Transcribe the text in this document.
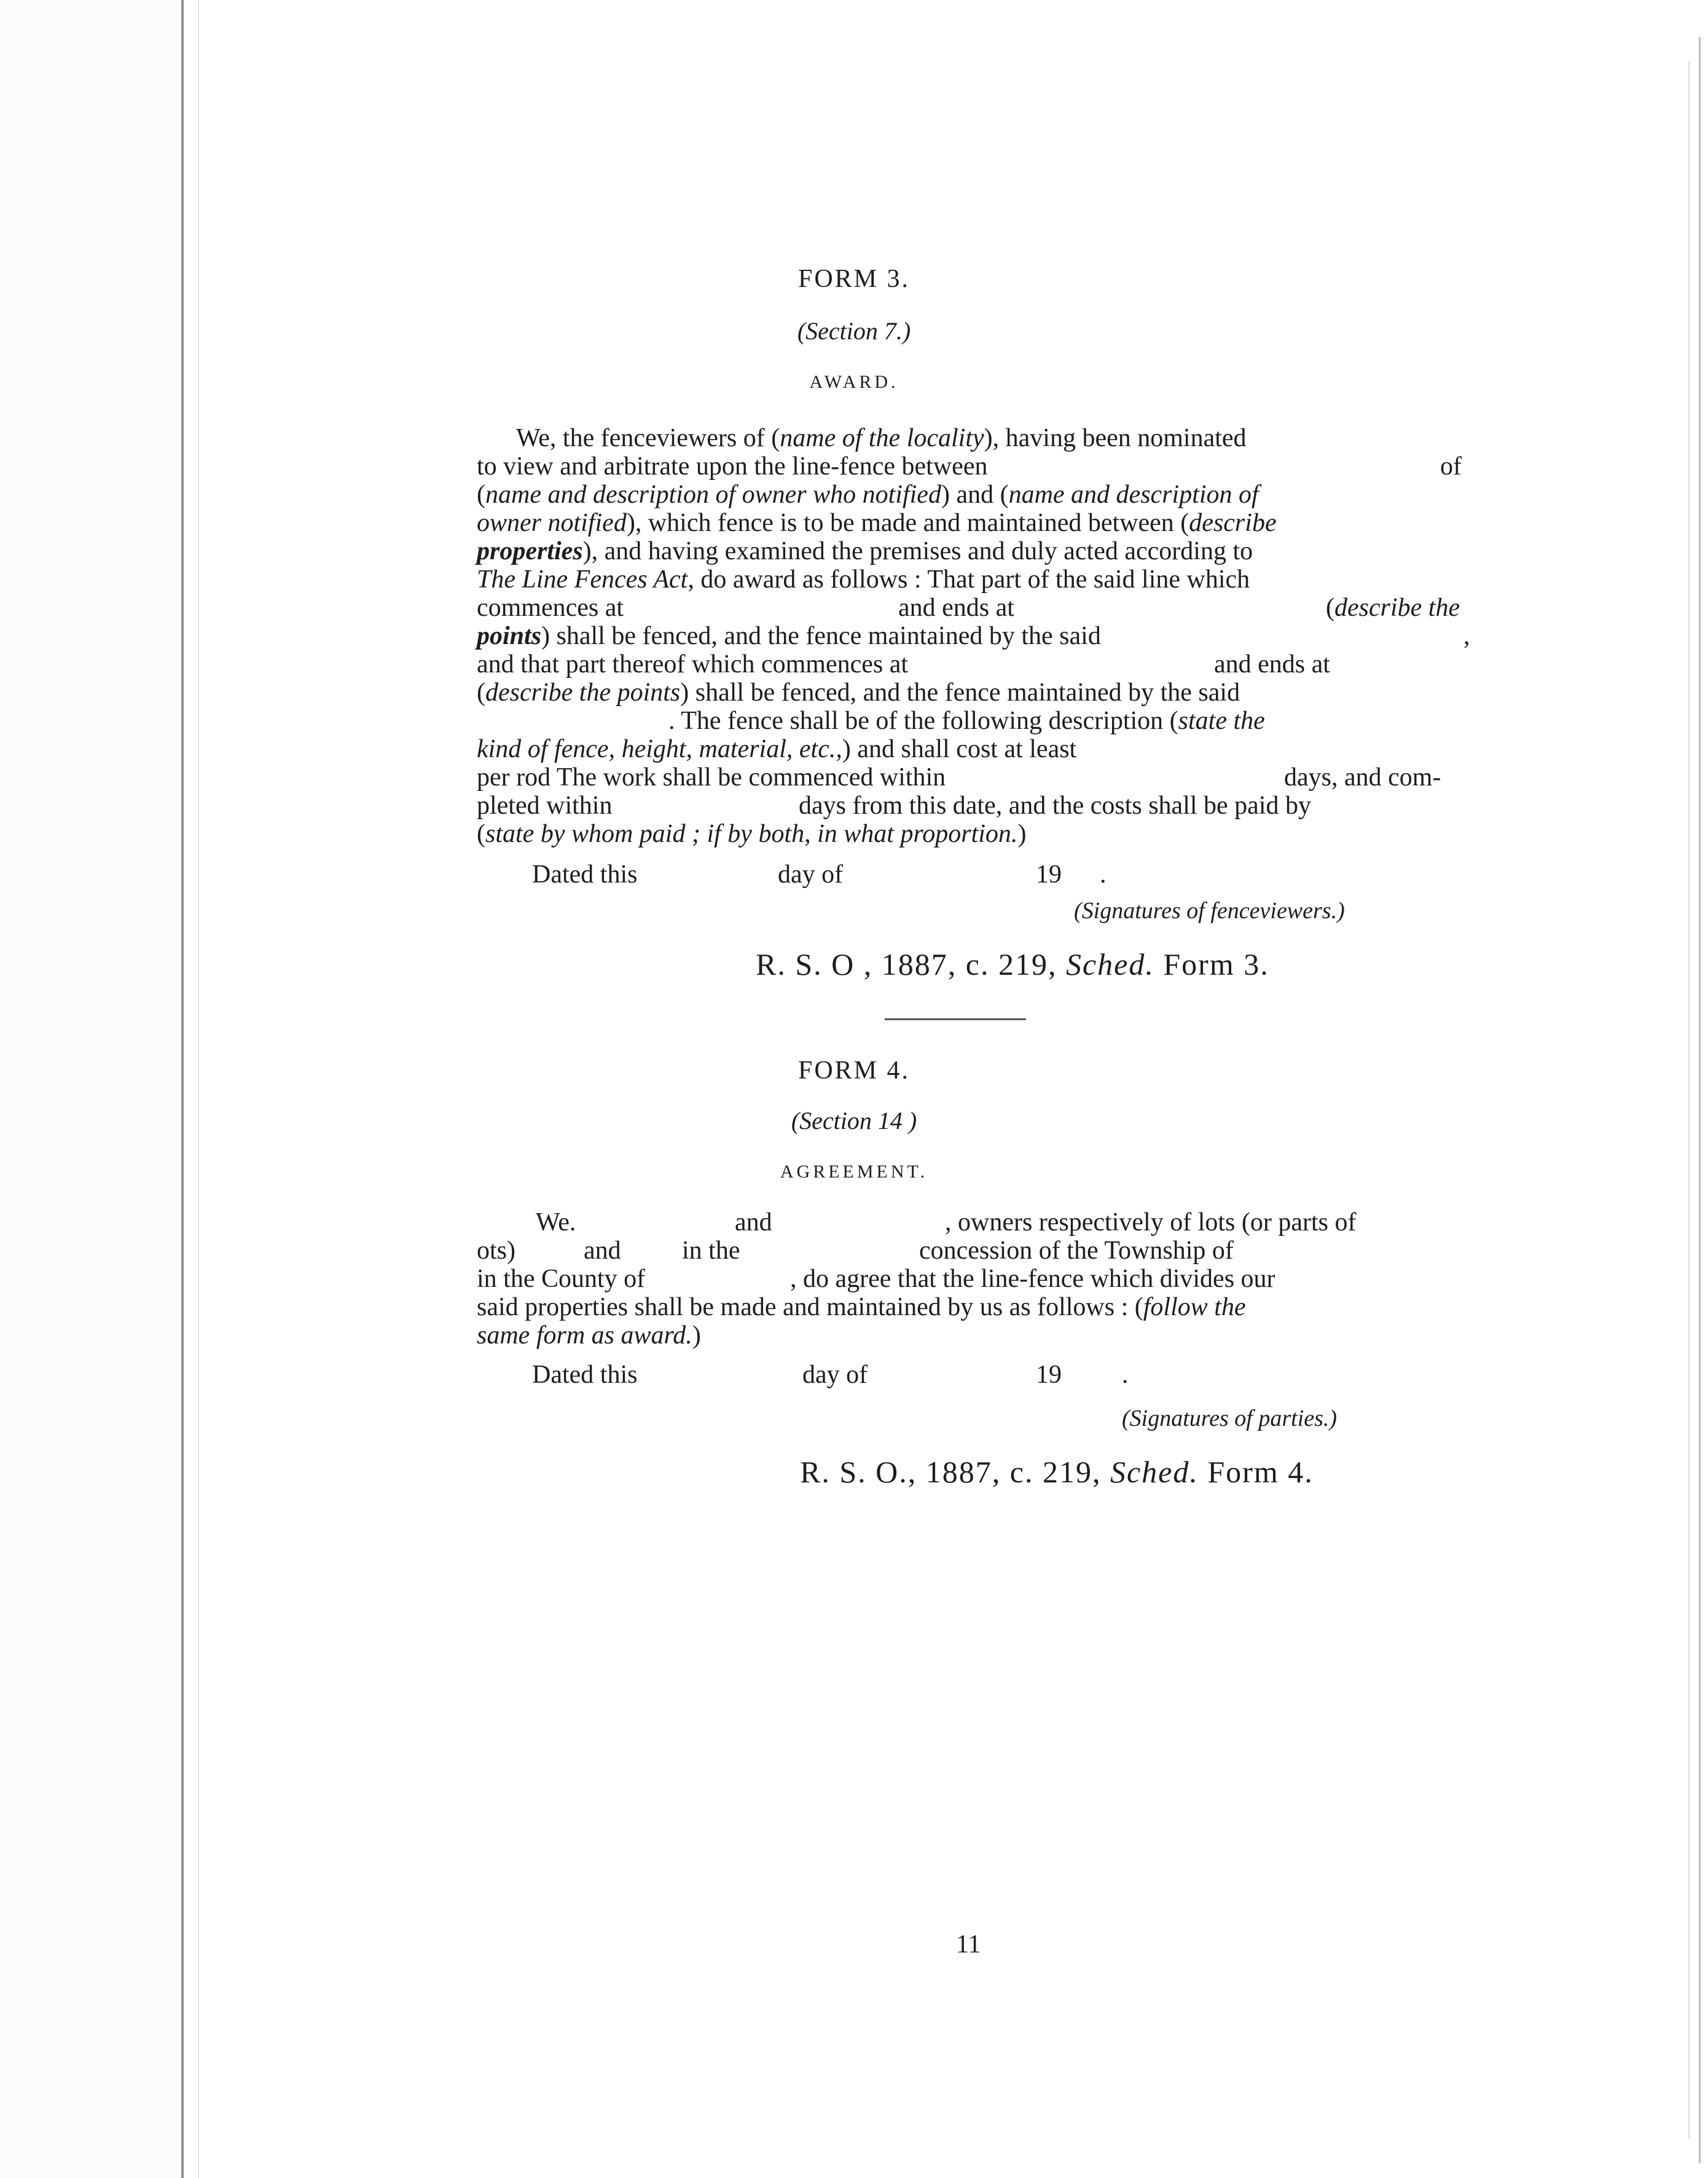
FORM 3.
(Section 7.)
AWARD.
We, the fenceviewers of (name of the locality), having been nominated
to view and arbitrate upon the line-fence between	of
(name and description of owner who notified) and (name and description of
owner notified), which fence is to be made and maintained between (describe
properties), and having examined the premises and duly acted according to
The Line Fences Act, do award as follows : That part of the said line which
commences at	and ends at	(describe the
points) shall be fenced, and the fence maintained by the said	,
and that part thereof which commences at	and ends at
(describe the points) shall be fenced, and the fence maintained by the said
. The fence shall be of the following description (state the
kind of fence, height, material, etc.,) and shall cost at least
per rod The work shall be commenced within	days, and com-
pleted within	days from this date, and the costs shall be paid by
(state by whom paid ; if by both, in what proportion.)
Dated this	day of	19 .
(Signatures of fenceviewers.)
R. S. O , 1887, c. 219, Sched. Form 3.
FORM 4.
(Section 14 )
AGREEMENT.
We.	and	, owners respectively of lots (or parts of
ots)	and in the	concession of the Township of
in the County of	, do agree that the line-fence which divides our
said properties shall be made and maintained by us as follows : (follow the
same form as award.)
Dated this	day of	19 .
(Signatures of parties.)
R. S. O., 1887, c. 219, Sched. Form 4.
11
